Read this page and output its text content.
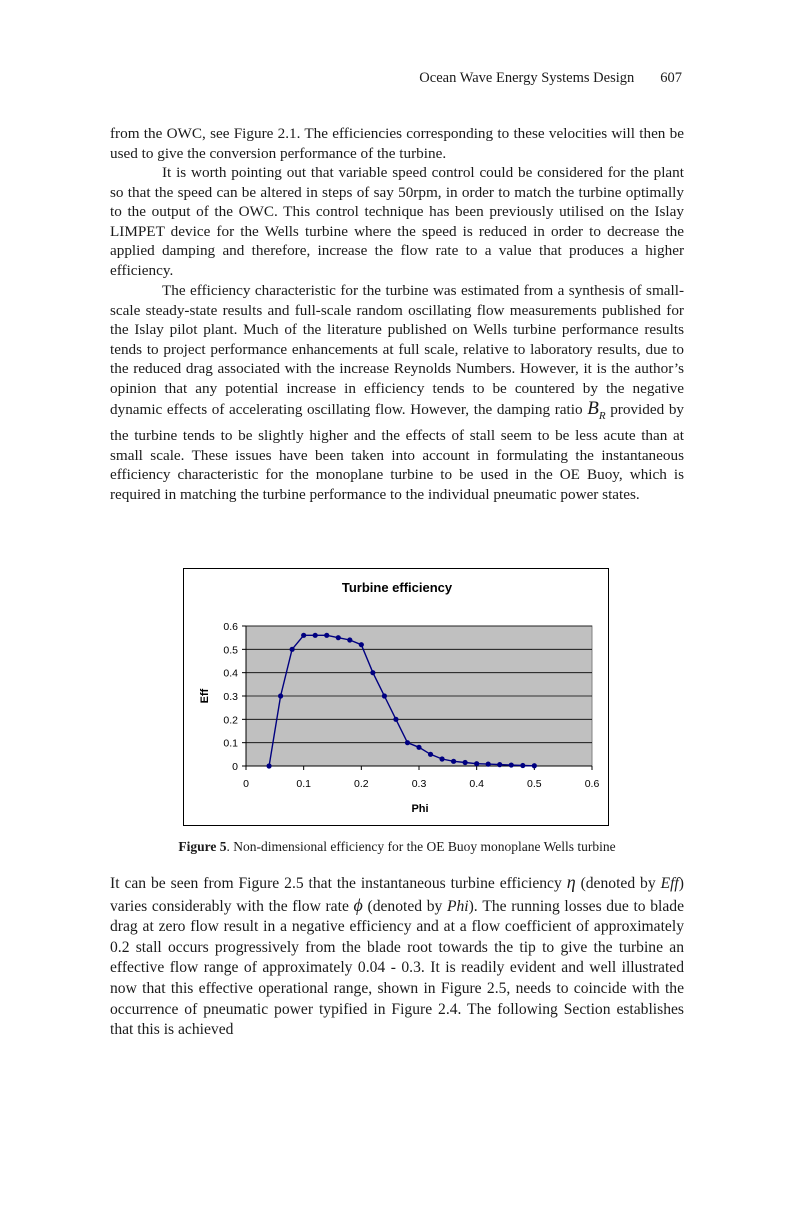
Ocean Wave Energy Systems Design 607

from the OWC, see Figure 2.1. The efficiencies corresponding to these velocities will then be used to give the conversion performance of the turbine.

It is worth pointing out that variable speed control could be considered for the plant so that the speed can be altered in steps of say 50rpm, in order to match the turbine optimally to the output of the OWC. This control technique has been previously utilised on the Islay LIMPET device for the Wells turbine where the speed is reduced in order to decrease the applied damping and therefore, increase the flow rate to a value that produces a higher efficiency.

The efficiency characteristic for the turbine was estimated from a synthesis of small-scale steady-state results and full-scale random oscillating flow measurements published for the Islay pilot plant. Much of the literature published on Wells turbine performance results tends to project performance enhancements at full scale, relative to laboratory results, due to the reduced drag associated with the increase Reynolds Numbers. However, it is the author’s opinion that any potential increase in efficiency tends to be countered by the negative dynamic effects of accelerating oscillating flow. However, the damping ratio $B_R$ provided by the turbine tends to be slightly higher and the effects of stall seem to be less acute than at small scale. These issues have been taken into account in formulating the instantaneous efficiency characteristic for the monoplane turbine to be used in the OE Buoy, which is required in matching the turbine performance to the individual pneumatic power states.

Turbine efficiency
0
0.1
0.2
0.3
0.4
0.5
0.6
0	0.1	0.2	0.3	0.4	0.5	0.6
Phi
Eff
Figure 5. Non-dimensional efficiency for the OE Buoy monoplane Wells turbine

It can be seen from Figure 2.5 that the instantaneous turbine efficiency η (denoted by Eff) varies considerably with the flow rate ϕ (denoted by Phi). The running losses due to blade drag at zero flow result in a negative efficiency and at a flow coefficient of approximately 0.2 stall occurs progressively from the blade root towards the tip to give the turbine an effective flow range of approximately 0.04 - 0.3. It is readily evident and well illustrated now that this effective operational range, shown in Figure 2.5, needs to coincide with the occurrence of pneumatic power typified in Figure 2.4. The following Section establishes that this is achieved
